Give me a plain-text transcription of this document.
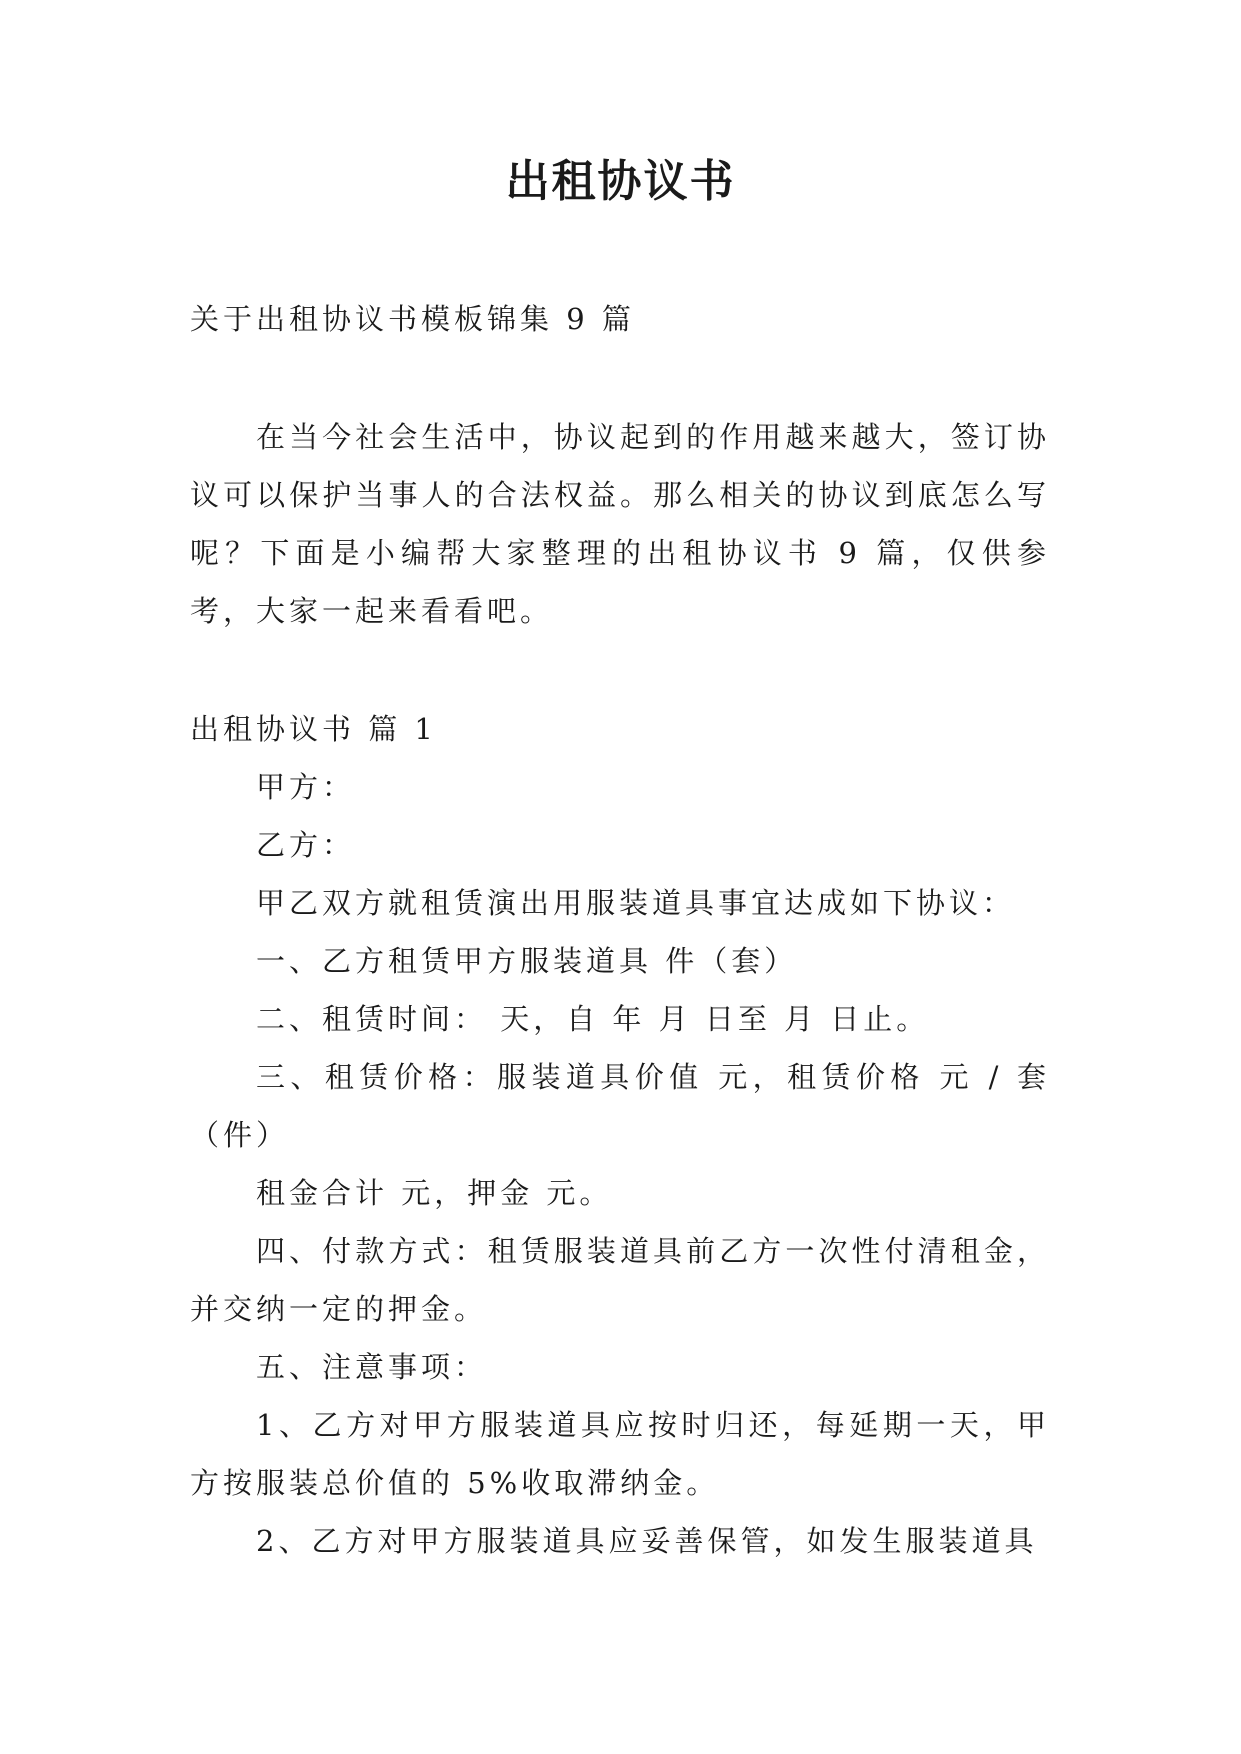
出租协议书

关于出租协议书模板锦集 9 篇

在当今社会生活中，协议起到的作用越来越大，签订协议可以保护当事人的合法权益。那么相关的协议到底怎么写呢？下面是小编帮大家整理的出租协议书 9 篇，仅供参考，大家一起来看看吧。

出租协议书 篇 1

甲方：

乙方：

甲乙双方就租赁演出用服装道具事宜达成如下协议：

一、乙方租赁甲方服装道具 件（套）

二、租赁时间： 天，自 年 月 日至 月 日止。

三、租赁价格：服装道具价值 元，租赁价格 元 / 套（件）

租金合计 元，押金 元。

四、付款方式：租赁服装道具前乙方一次性付清租金，并交纳一定的押金。

五、注意事项：

1、乙方对甲方服装道具应按时归还，每延期一天，甲方按服装总价值的 5%收取滞纳金。

2、乙方对甲方服装道具应妥善保管，如发生服装道具
